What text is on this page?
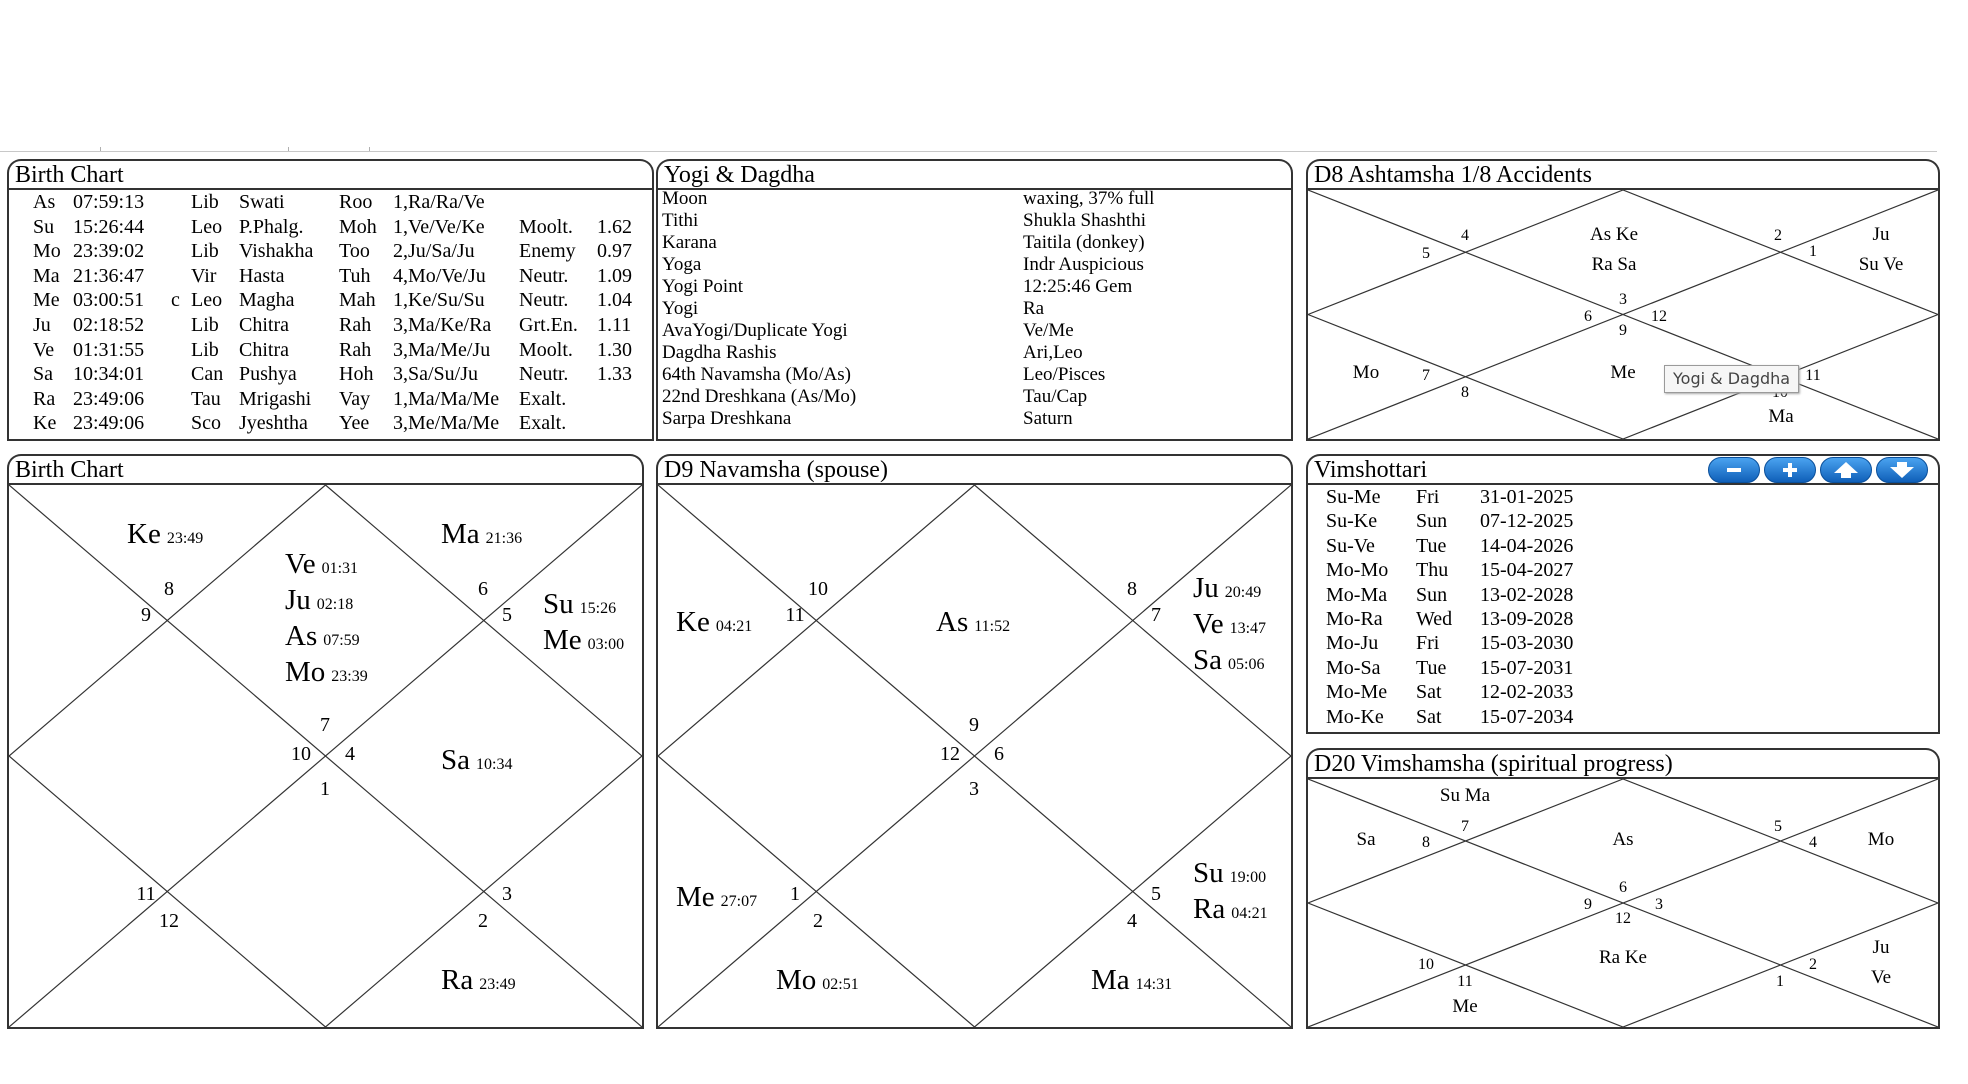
Birth Chart
As	07:59:13		Lib	Swati	Roo	1,Ra/Ra/Ve		
Su	15:26:44		Leo	P.Phalg.	Moh	1,Ve/Ve/Ke	Moolt.	1.62
Mo	23:39:02		Lib	Vishakha	Too	2,Ju/Sa/Ju	Enemy	0.97
Ma	21:36:47		Vir	Hasta	Tuh	4,Mo/Ve/Ju	Neutr.	1.09
Me	03:00:51	c	Leo	Magha	Mah	1,Ke/Su/Su	Neutr.	1.04
Ju	02:18:52		Lib	Chitra	Rah	3,Ma/Ke/Ra	Grt.En.	1.11
Ve	01:31:55		Lib	Chitra	Rah	3,Ma/Me/Ju	Moolt.	1.30
Sa	10:34:01		Can	Pushya	Hoh	3,Sa/Su/Ju	Neutr.	1.33
Ra	23:49:06		Tau	Mrigashi	Vay	1,Ma/Ma/Me	Exalt.	
Ke	23:49:06		Sco	Jyeshtha	Yee	3,Me/Ma/Me	Exalt.	
Yogi & Dagdha
Moon	waxing, 37% full
Tithi	Shukla Shashthi
Karana	Taitila (donkey)
Yoga	Indr Auspicious
Yogi Point	12:25:46 Gem
Yogi	Ra
AvaYogi/Duplicate Yogi	Ve/Me
Dagdha Rashis	Ari,Leo
64th Navamsha (Mo/As)	Leo/Pisces
22nd Dreshkana (As/Mo)	Tau/Cap
Sarpa Dreshkana	Saturn
D8 Ashtamsha 1/8 Accidents
As Ke
Ra Sa
Ju
Su Ve
Mo	Me
Ma
4
5
2
1
3
6	12
9
7
8
11
Yogi & Dagdha
Birth Chart
Ke 23:49	Ma 21:36
Ve 01:31
Ju 02:18
As 07:59
Mo 23:39
Su 15:26
Me 03:00
Sa 10:34
Ra 23:49
8
9
6
5
7
10 4
1
11
12
3
2
D9 Navamsha (spouse)
Ke 04:21	As 11:52
Ju 20:49
Ve 13:47
Sa 05:06
Me 27:07
Su 19:00
Ra 04:21
Mo 02:51	Ma 14:31
10
11
8
7
9
12 6
3
1
2
5
4
Vimshottari
Su-Me	Fri	31-01-2025
Su-Ke	Sun	07-12-2025
Su-Ve	Tue	14-04-2026
Mo-Mo	Thu	15-04-2027
Mo-Ma	Sun	13-02-2028
Mo-Ra	Wed	13-09-2028
Mo-Ju	Fri	15-03-2030
Mo-Sa	Tue	15-07-2031
Mo-Me	Sat	12-02-2033
Mo-Ke	Sat	15-07-2034
D20 Vimshamsha (spiritual progress)
Su Ma
Sa	As	Mo
Ra Ke	Ju
Ve
Me
7
8
5
4
6
9	3
12
10
11
2
1
